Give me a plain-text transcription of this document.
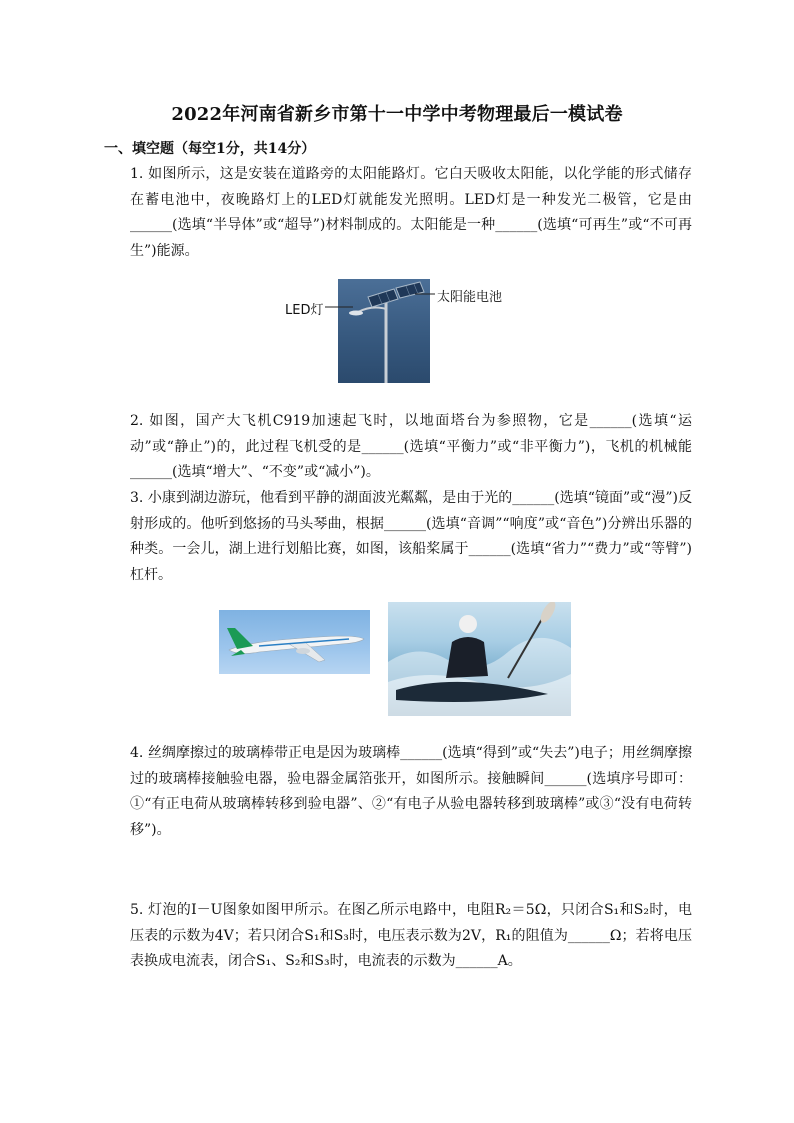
2022年河南省新乡市第十一中学中考物理最后一模试卷
一、填空题（每空1分，共14分）
1. 如图所示，这是安装在道路旁的太阳能路灯。它白天吸收太阳能，以化学能的形式储存在蓄电池中，夜晚路灯上的LED灯就能发光照明。LED灯是一种发光二极管，它是由______(选填“半导体”或“超导”)材料制成的。太阳能是一种______(选填“可再生”或“不可再生”)能源。
LED灯
太阳能电池
2. 如图，国产大飞机C919加速起飞时，以地面塔台为参照物，它是______(选填“运动”或“静止”)的，此过程飞机受的是______(选填“平衡力”或“非平衡力”)，飞机的机械能______(选填“增大”、“不变”或“减小”)。
3. 小康到湖边游玩，他看到平静的湖面波光粼粼，是由于光的______(选填“镜面”或“漫”)反射形成的。他听到悠扬的马头琴曲，根据______(选填“音调”“响度”或“音色”)分辨出乐器的种类。一会儿，湖上进行划船比赛，如图，该船桨属于______(选填“省力”“费力”或“等臂”)杠杆。
4. 丝绸摩擦过的玻璃棒带正电是因为玻璃棒______(选填“得到”或“失去”)电子；用丝绸摩擦过的玻璃棒接触验电器，验电器金属箔张开，如图所示。接触瞬间______(选填序号即可：①“有正电荷从玻璃棒转移到验电器”、②“有电子从验电器转移到玻璃棒”或③“没有电荷转移”)。
5. 灯泡的I－U图象如图甲所示。在图乙所示电路中，电阻R₂＝5Ω，只闭合S₁和S₂时，电压表的示数为4V；若只闭合S₁和S₃时，电压表示数为2V，R₁的阻值为______Ω；若将电压表换成电流表，闭合S₁、S₂和S₃时，电流表的示数为______A。
